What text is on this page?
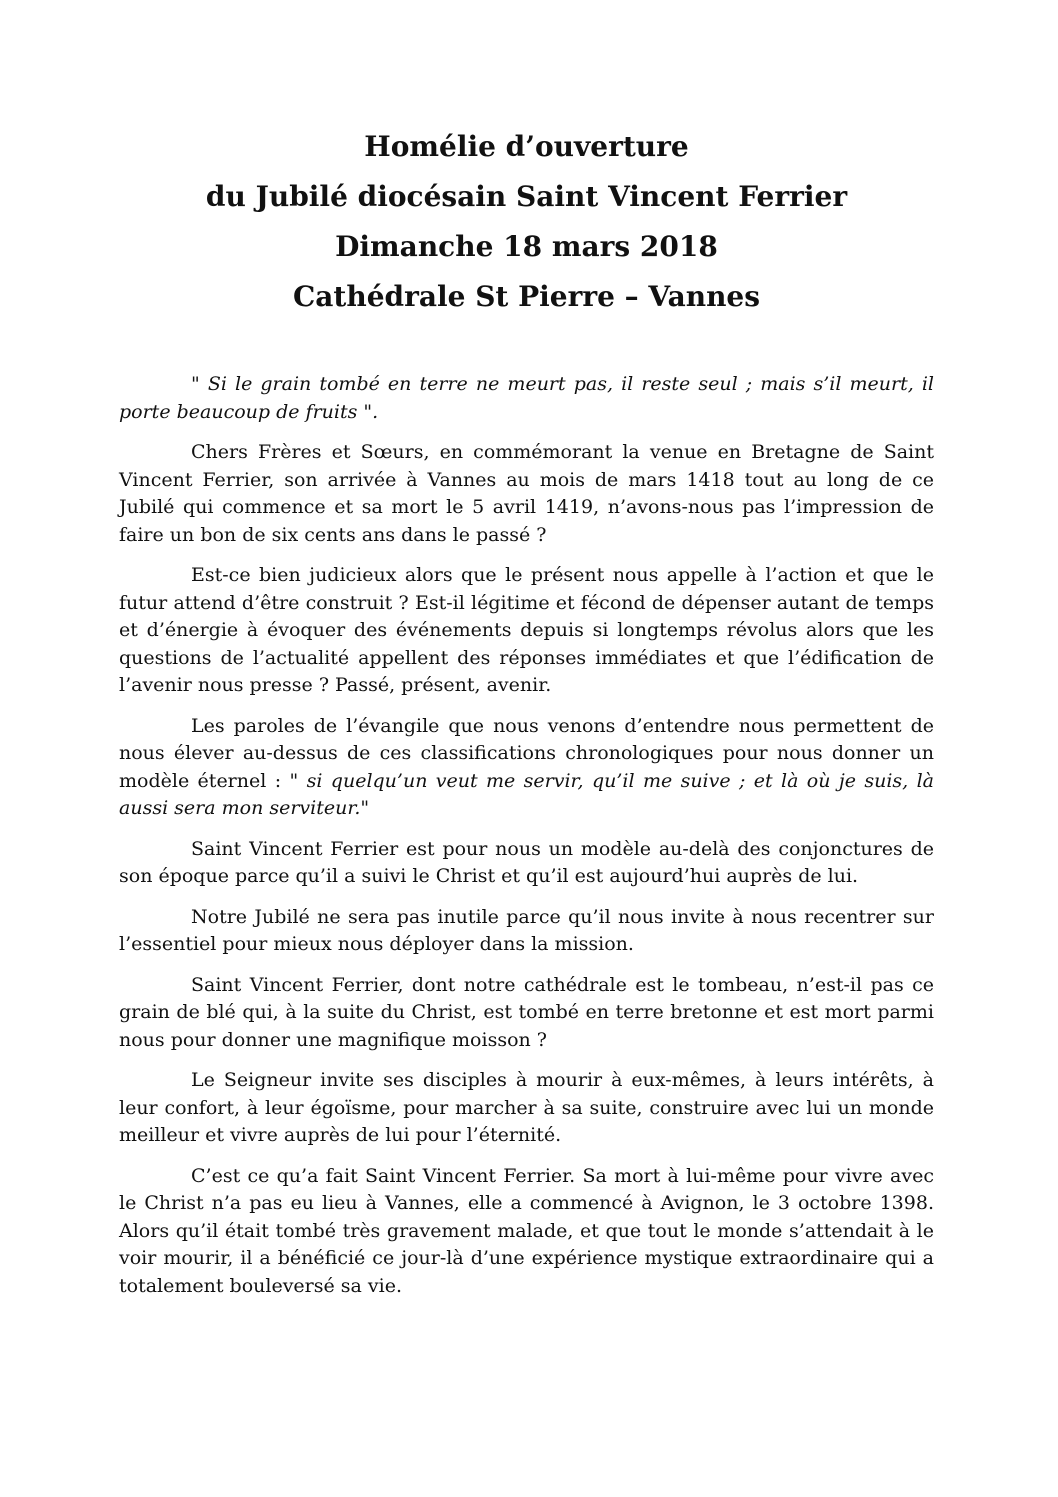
Homélie d’ouverture
du Jubilé diocésain Saint Vincent Ferrier
Dimanche 18 mars 2018
Cathédrale St Pierre – Vannes

" Si le grain tombé en terre ne meurt pas, il reste seul ; mais s’il meurt, il porte beaucoup de fruits ".

Chers Frères et Sœurs, en commémorant la venue en Bretagne de Saint Vincent Ferrier, son arrivée à Vannes au mois de mars 1418 tout au long de ce Jubilé qui commence et sa mort le 5 avril 1419, n’avons-nous pas l’impression de faire un bon de six cents ans dans le passé ?

Est-ce bien judicieux alors que le présent nous appelle à l’action et que le futur attend d’être construit ? Est-il légitime et fécond de dépenser autant de temps et d’énergie à évoquer des événements depuis si longtemps révolus alors que les questions de l’actualité appellent des réponses immédiates et que l’édification de l’avenir nous presse ? Passé, présent, avenir.

Les paroles de l’évangile que nous venons d’entendre nous permettent de nous élever au-dessus de ces classifications chronologiques pour nous donner un modèle éternel : " si quelqu’un veut me servir, qu’il me suive ; et là où je suis, là aussi sera mon serviteur."

Saint Vincent Ferrier est pour nous un modèle au-delà des conjonctures de son époque parce qu’il a suivi le Christ et qu’il est aujourd’hui auprès de lui.

Notre Jubilé ne sera pas inutile parce qu’il nous invite à nous recentrer sur l’essentiel pour mieux nous déployer dans la mission.

Saint Vincent Ferrier, dont notre cathédrale est le tombeau, n’est-il pas ce grain de blé qui, à la suite du Christ, est tombé en terre bretonne et est mort parmi nous pour donner une magnifique moisson ?

Le Seigneur invite ses disciples à mourir à eux-mêmes, à leurs intérêts, à leur confort, à leur égoïsme, pour marcher à sa suite, construire avec lui un monde meilleur et vivre auprès de lui pour l’éternité.

C’est ce qu’a fait Saint Vincent Ferrier. Sa mort à lui-même pour vivre avec le Christ n’a pas eu lieu à Vannes, elle a commencé à Avignon, le 3 octobre 1398. Alors qu’il était tombé très gravement malade, et que tout le monde s’attendait à le voir mourir, il a bénéficié ce jour-là d’une expérience mystique extraordinaire qui a totalement bouleversé sa vie.
